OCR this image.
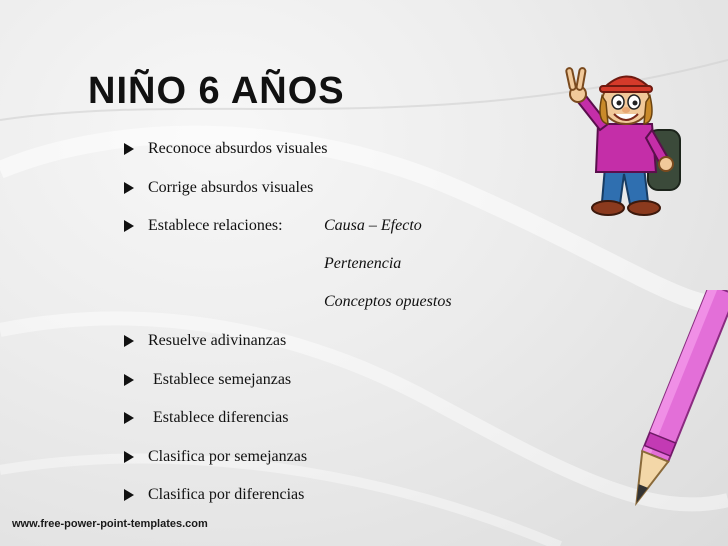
NIÑO 6 AÑOS
Reconoce absurdos visuales
Corrige absurdos visuales
Establece relaciones:	Causa – Efecto
Pertenencia
Conceptos opuestos
Resuelve adivinanzas
Establece semejanzas
Establece diferencias
Clasifica por semejanzas
Clasifica por diferencias
www.free-power-point-templates.com
